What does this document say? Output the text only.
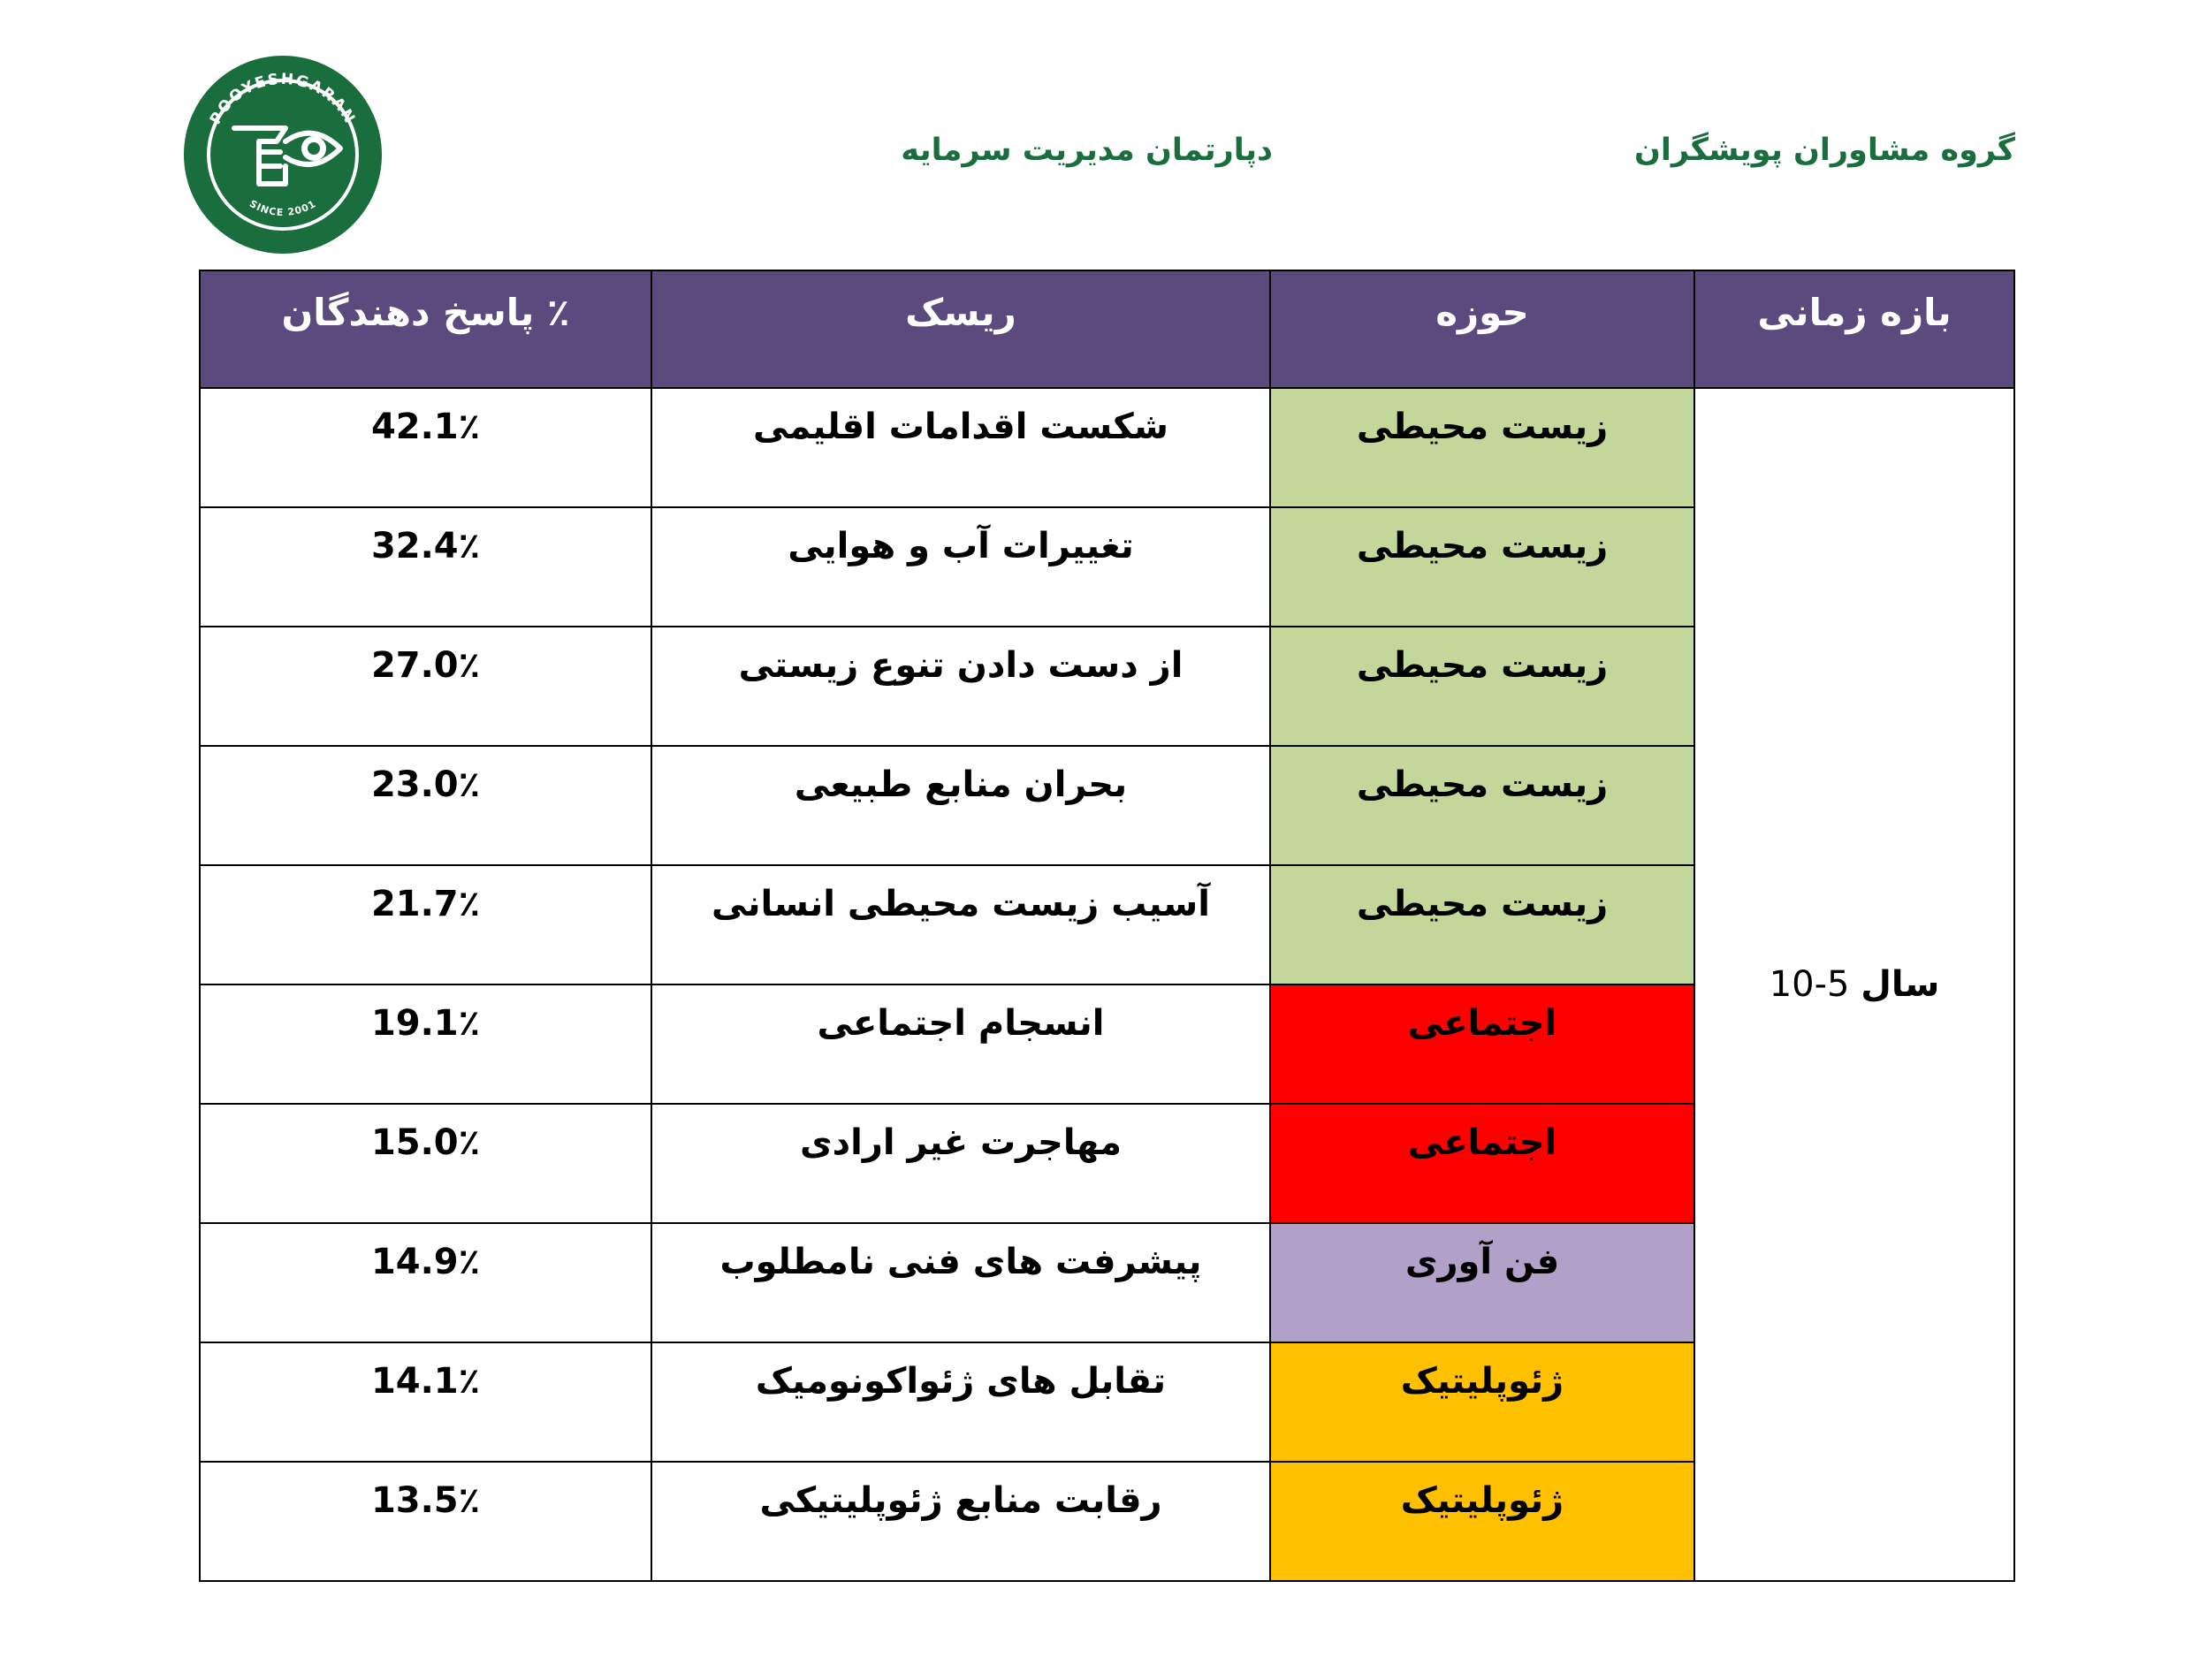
POOYESHGARAN
SINCE 2001
گروه مشاوران پویشگران
دپارتمان مدیریت سرمایه
بازه زمانی	حوزه	ریسک	٪ پاسخ دهندگان
سال 5-10	زیست محیطی	شکست اقدامات اقلیمی	42.1٪
	زیست محیطی	تغییرات آب و هوایی	32.4٪
	زیست محیطی	از دست دادن تنوع زیستی	27.0٪
	زیست محیطی	بحران منابع طبیعی	23.0٪
	زیست محیطی	آسیب زیست محیطی انسانی	21.7٪
	اجتماعی	انسجام اجتماعی	19.1٪
	اجتماعی	مهاجرت غیر ارادی	15.0٪
	فن آوری	پیشرفت های فنی نامطلوب	14.9٪
	ژئوپلیتیک	تقابل های ژئواکونومیک	14.1٪
	ژئوپلیتیک	رقابت منابع ژئوپلیتیکی	13.5٪
